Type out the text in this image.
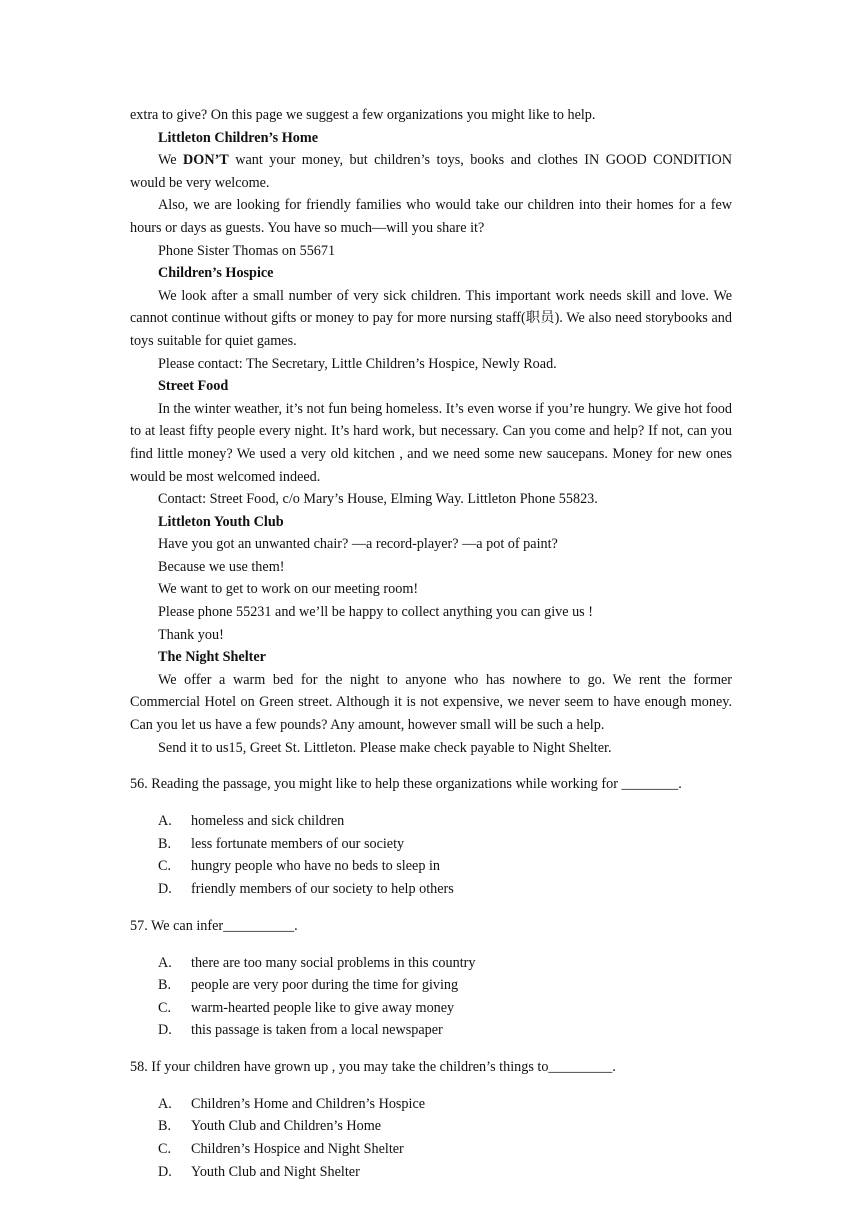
extra to give? On this page we suggest a few organizations you might like to help.

Littleton Children’s Home

We DON’T want your money, but children’s toys, books and clothes IN GOOD CONDITION would be very welcome.

Also, we are looking for friendly families who would take our children into their homes for a few hours or days as guests. You have so much—will you share it?

Phone Sister Thomas on 55671

Children’s Hospice

We look after a small number of very sick children. This important work needs skill and love. We cannot continue without gifts or money to pay for more nursing staff(职员). We also need storybooks and toys suitable for quiet games.

Please contact: The Secretary, Little Children’s Hospice, Newly Road.

Street Food

In the winter weather, it’s not fun being homeless. It’s even worse if you’re hungry. We give hot food to at least fifty people every night. It’s hard work, but necessary. Can you come and help? If not, can you find little money? We used a very old kitchen , and we need some new saucepans. Money for new ones would be most welcomed indeed.

Contact: Street Food, c/o Mary’s House, Elming Way. Littleton Phone 55823.

Littleton Youth Club

Have you got an unwanted chair? —a record-player? —a pot of paint?

Because we use them!

We want to get to work on our meeting room!

Please phone 55231 and we’ll be happy to collect anything you can give us !

Thank you!

The Night Shelter

We offer a warm bed for the night to anyone who has nowhere to go. We rent the former Commercial Hotel on Green street. Although it is not expensive, we never seem to have enough money. Can you let us have a few pounds? Any amount, however small will be such a help.

Send it to us15, Greet St. Littleton. Please make check payable to Night Shelter.

56. Reading the passage, you might like to help these organizations while working for ________.

A.	homeless and sick children
B.	less fortunate members of our society
C.	hungry people who have no beds to sleep in
D.	friendly members of our society to help others

57. We can infer__________.

A.	there are too many social problems in this country
B.	people are very poor during the time for giving
C.	warm-hearted people like to give away money
D.	this passage is taken from a local newspaper

58. If your children have grown up , you may take the children’s things to_________.

A.	Children’s Home and Children’s Hospice
B.	Youth Club and Children’s Home
C.	Children’s Hospice and Night Shelter
D.	Youth Club and Night Shelter
